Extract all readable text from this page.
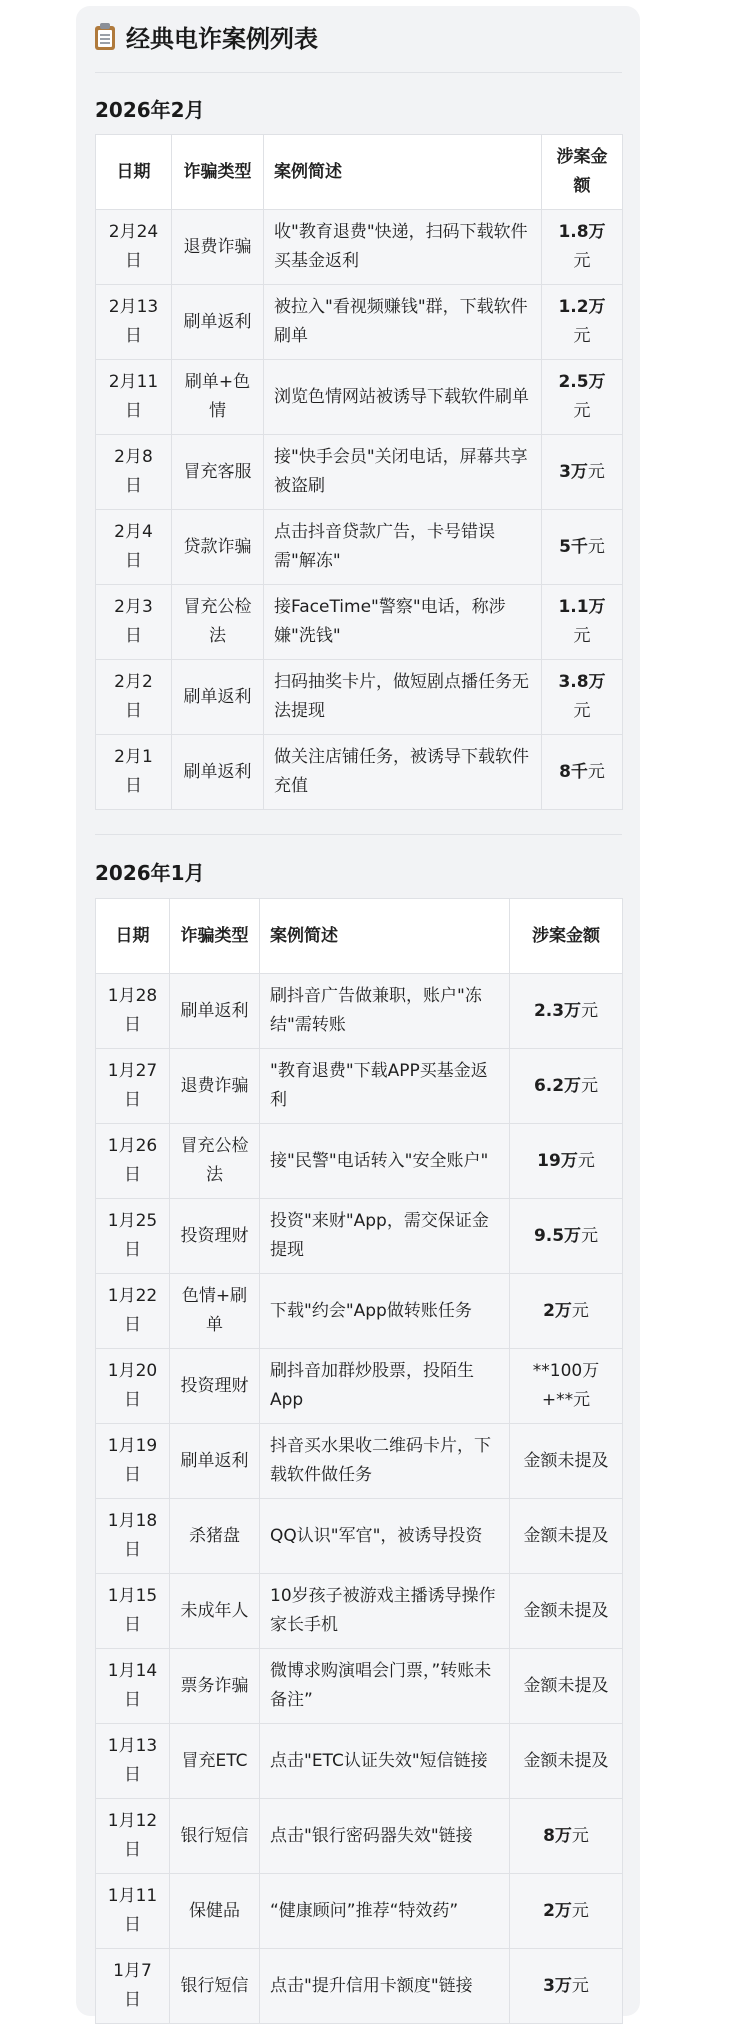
经典电诈案例列表
2026年2月
日期	诈骗类型	案例简述	涉案金额
2月24日	退费诈骗	收"教育退费"快递，扫码下载软件买基金返利	1.8万元
2月13日	刷单返利	被拉入"看视频赚钱"群，下载软件刷单	1.2万元
2月11日	刷单+色情	浏览色情网站被诱导下载软件刷单	2.5万元
2月8日	冒充客服	接"快手会员"关闭电话，屏幕共享被盗刷	3万元
2月4日	贷款诈骗	点击抖音贷款广告，卡号错误需"解冻"	5千元
2月3日	冒充公检法	接FaceTime"警察"电话，称涉嫌"洗钱"	1.1万元
2月2日	刷单返利	扫码抽奖卡片，做短剧点播任务无法提现	3.8万元
2月1日	刷单返利	做关注店铺任务，被诱导下载软件充值	8千元
2026年1月
日期	诈骗类型	案例简述	涉案金额
1月28日	刷单返利	刷抖音广告做兼职，账户"冻结"需转账	2.3万元
1月27日	退费诈骗	"教育退费"下载APP买基金返利	6.2万元
1月26日	冒充公检法	接"民警"电话转入"安全账户"	19万元
1月25日	投资理财	投资"来财"App，需交保证金提现	9.5万元
1月22日	色情+刷单	下载"约会"App做转账任务	2万元
1月20日	投资理财	刷抖音加群炒股票，投陌生App	**100万+**元
1月19日	刷单返利	抖音买水果收二维码卡片，下载软件做任务	金额未提及
1月18日	杀猪盘	QQ认识"军官"，被诱导投资	金额未提及
1月15日	未成年人	10岁孩子被游戏主播诱导操作家长手机	金额未提及
1月14日	票务诈骗	微博求购演唱会门票，”转账未备注”	金额未提及
1月13日	冒充ETC	点击"ETC认证失效"短信链接	金额未提及
1月12日	银行短信	点击"银行密码器失效"链接	8万元
1月11日	保健品	“健康顾问”推荐“特效药”	2万元
1月7日	银行短信	点击"提升信用卡额度"链接	3万元
